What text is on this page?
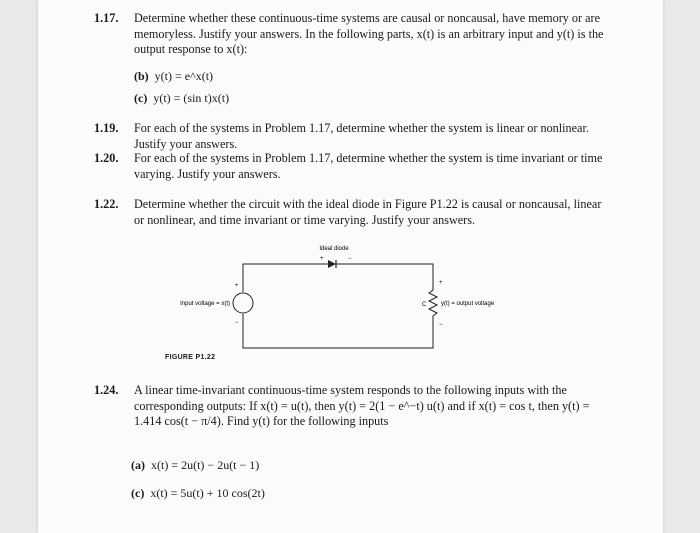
1.17. Determine whether these continuous-time systems are causal or noncausal, have memory or are memoryless. Justify your answers. In the following parts, x(t) is an arbitrary input and y(t) is the output response to x(t):
(b) y(t) = e^x(t)
(c) y(t) = (sin t)x(t)
1.19. For each of the systems in Problem 1.17, determine whether the system is linear or nonlinear. Justify your answers.
1.20. For each of the systems in Problem 1.17, determine whether the system is time invariant or time varying. Justify your answers.
1.22. Determine whether the circuit with the ideal diode in Figure P1.22 is causal or noncausal, linear or nonlinear, and time invariant or time varying. Justify your answers.
Ideal diode
+	−
+
−
Input voltage = x(t)	C
+
−
y(t) = output voltage
FIGURE P1.22
1.24. A linear time-invariant continuous-time system responds to the following inputs with the corresponding outputs: If x(t) = u(t), then y(t) = 2(1 − e^−t) u(t) and if x(t) = cos t, then y(t) = 1.414 cos(t − π/4). Find y(t) for the following inputs
(a) x(t) = 2u(t) − 2u(t − 1)
(c) x(t) = 5u(t) + 10 cos(2t)
